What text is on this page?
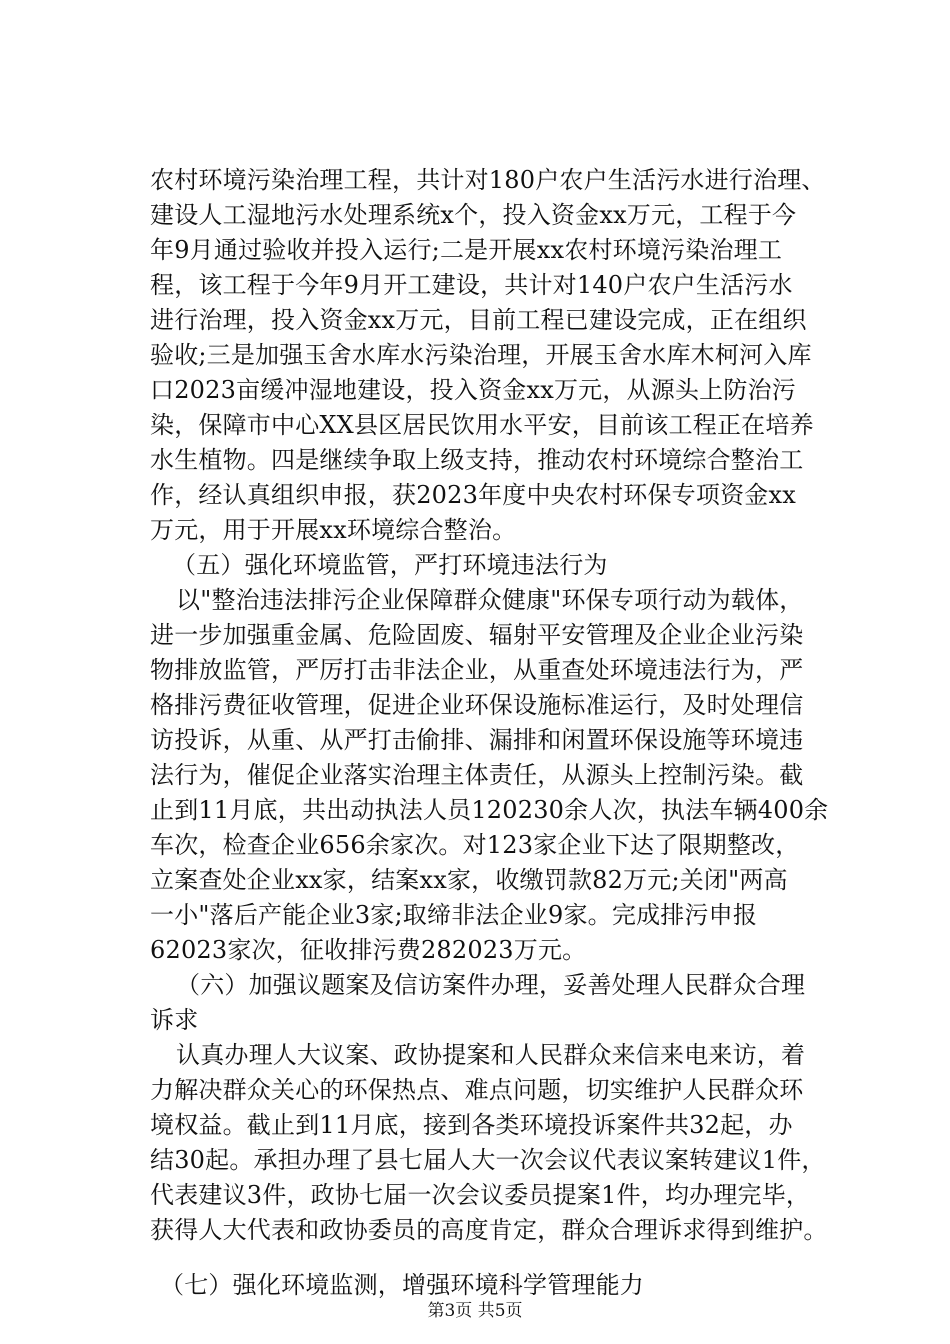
农村环境污染治理工程，共计对180户农户生活污水进行治理、
建设人工湿地污水处理系统x个，投入资金xx万元，工程于今
年9月通过验收并投入运行;二是开展xx农村环境污染治理工
程，该工程于今年9月开工建设，共计对140户农户生活污水
进行治理，投入资金xx万元，目前工程已建设完成，正在组织
验收;三是加强玉舍水库水污染治理，开展玉舍水库木柯河入库
口2023亩缓冲湿地建设，投入资金xx万元，从源头上防治污
染，保障市中心XX县区居民饮用水平安，目前该工程正在培养
水生植物。四是继续争取上级支持，推动农村环境综合整治工
作，经认真组织申报，获2023年度中央农村环保专项资金xx
万元，用于开展xx环境综合整治。
（五）强化环境监管，严打环境违法行为
以"整治违法排污企业保障群众健康"环保专项行动为载体，
进一步加强重金属、危险固废、辐射平安管理及企业企业污染
物排放监管，严厉打击非法企业，从重查处环境违法行为，严
格排污费征收管理，促进企业环保设施标准运行，及时处理信
访投诉，从重、从严打击偷排、漏排和闲置环保设施等环境违
法行为，催促企业落实治理主体责任，从源头上控制污染。截
止到11月底，共出动执法人员120230余人次，执法车辆400余
车次，检查企业656余家次。对123家企业下达了限期整改，
立案查处企业xx家，结案xx家，收缴罚款82万元;关闭"两高
一小"落后产能企业3家;取缔非法企业9家。完成排污申报
62023家次，征收排污费282023万元。
（六）加强议题案及信访案件办理，妥善处理人民群众合理
诉求
认真办理人大议案、政协提案和人民群众来信来电来访，着
力解决群众关心的环保热点、难点问题，切实维护人民群众环
境权益。截止到11月底，接到各类环境投诉案件共32起，办
结30起。承担办理了县七届人大一次会议代表议案转建议1件，
代表建议3件，政协七届一次会议委员提案1件，均办理完毕，
获得人大代表和政协委员的高度肯定，群众合理诉求得到维护。
（七）强化环境监测，增强环境科学管理能力
第3页 共5页
